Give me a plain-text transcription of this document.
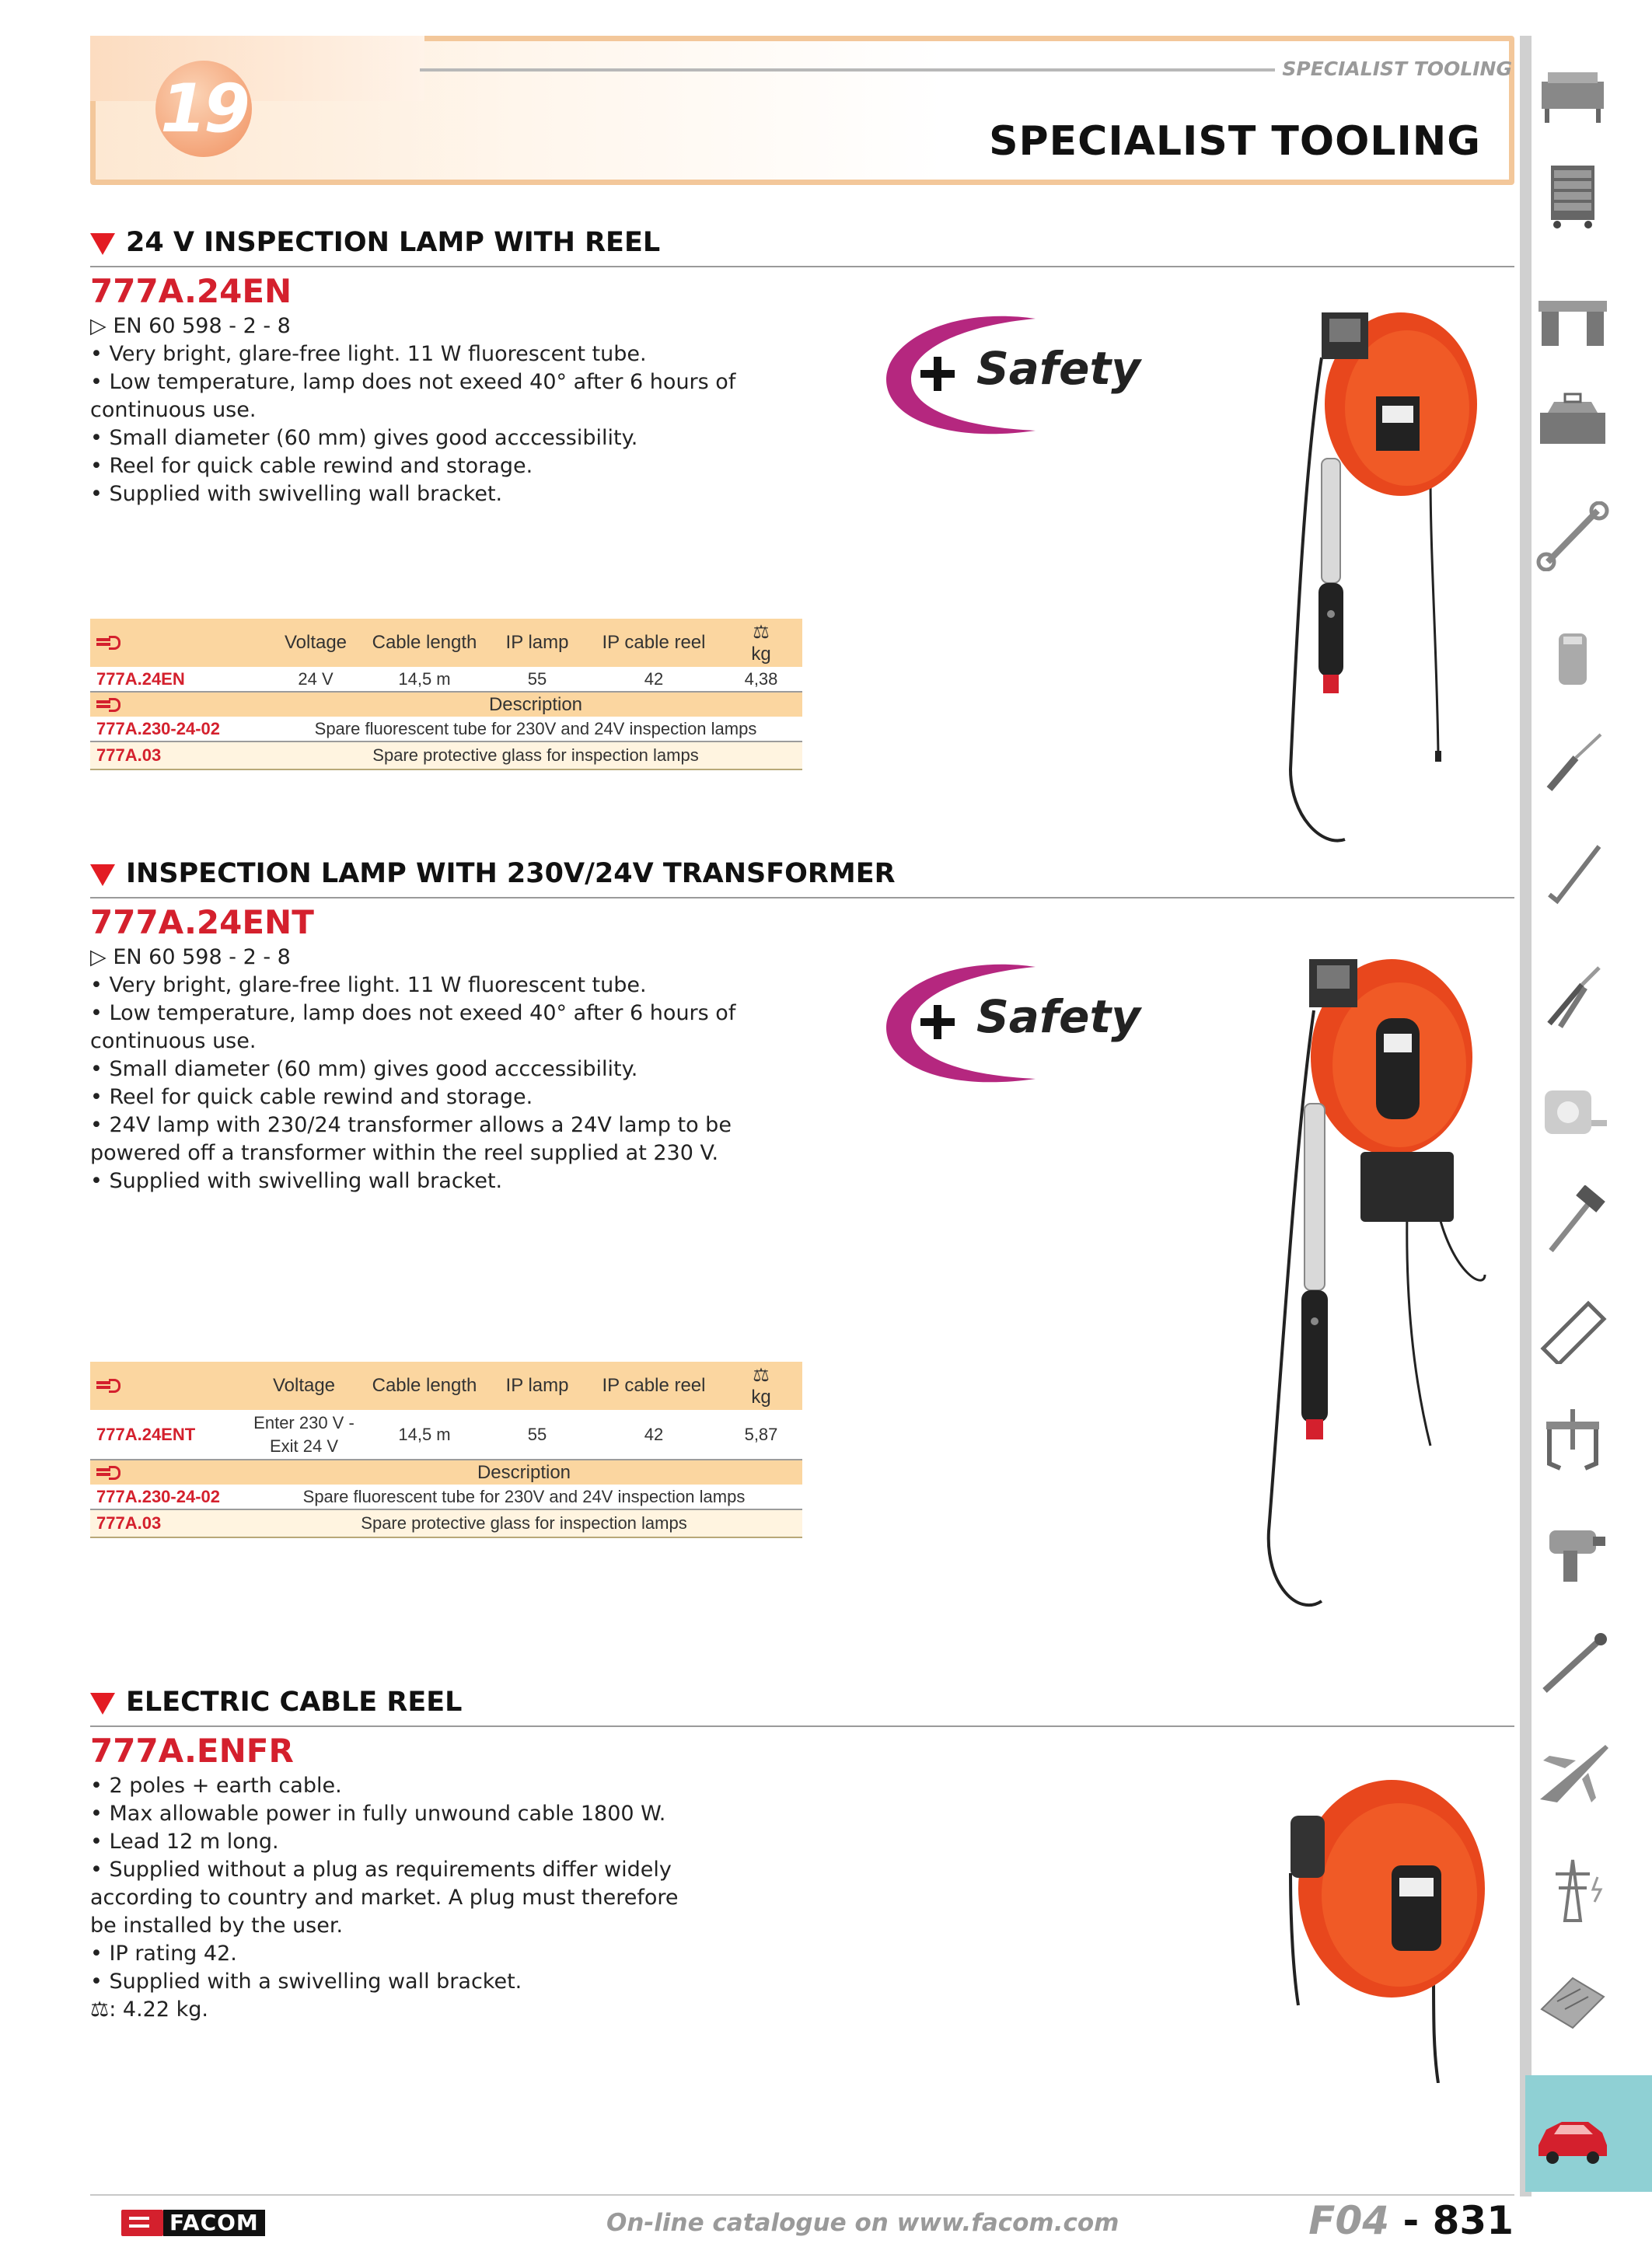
19
SPECIALIST TOOLING
SPECIALIST TOOLING
24 V INSPECTION LAMP WITH REEL
777A.24EN

▷ EN 60 598 - 2 - 8

• Very bright, glare-free light. 11 W fluorescent tube.

• Low temperature, lamp does not exeed 40° after 6 hours of continuous use.

• Small diameter (60 mm) gives good acccessibility.

• Reel for quick cable rewind and storage.

• Supplied with swivelling wall bracket.

Safety
	Voltage	Cable length	IP lamp	IP cable reel	⚖
kg
777A.24EN	24 V	14,5 m	55	42	4,38
	Description				
777A.230-24-02	Spare fluorescent tube for 230V and 24V inspection lamps				
777A.03	Spare protective glass for inspection lamps				
INSPECTION LAMP WITH 230V/24V TRANSFORMER
777A.24ENT

▷ EN 60 598 - 2 - 8

• Very bright, glare-free light. 11 W fluorescent tube.

• Low temperature, lamp does not exeed 40° after 6 hours of continuous use.

• Small diameter (60 mm) gives good acccessibility.

• Reel for quick cable rewind and storage.

• 24V lamp with 230/24 transformer allows a 24V lamp to be powered off a transformer within the reel supplied at 230 V.

• Supplied with swivelling wall bracket.

Safety
	Voltage	Cable length	IP lamp	IP cable reel	⚖
kg
777A.24ENT	Enter 230 V - Exit 24 V	14,5 m	55	42	5,87
	Description				
777A.230-24-02	Spare fluorescent tube for 230V and 24V inspection lamps				
777A.03	Spare protective glass for inspection lamps				
ELECTRIC CABLE REEL
777A.ENFR

• 2 poles + earth cable.

• Max allowable power in fully unwound cable 1800 W.

• Lead 12 m long.

• Supplied without a plug as requirements differ widely according to country and market. A plug must therefore be installed by the user.

• IP rating 42.

• Supplied with a swivelling wall bracket.

⚖: 4.22 kg.

FACOM	On-line catalogue on www.facom.com	F04 - 831
